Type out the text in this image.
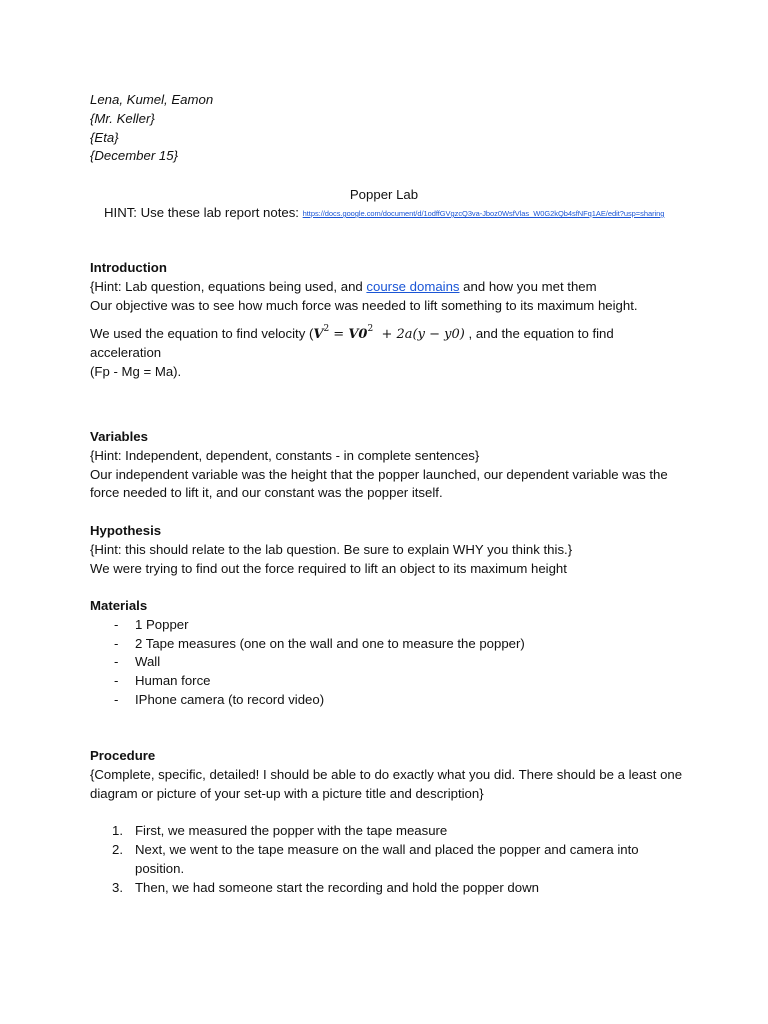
Lena, Kumel, Eamon
{Mr. Keller}
{Eta}
{December 15}
Popper Lab
HINT: Use these lab report notes: https://docs.google.com/document/d/1odffGVgzcQ3va-Jboz0WsfVlas_W0G2kQb4sfNFq1AE/edit?usp=sharing
Introduction

{Hint: Lab question, equations being used, and course domains and how you met them

Our objective was to see how much force was needed to lift something to its maximum height.

We used the equation to find velocity ($V^2 = V0^2 + 2a(y - y0)$ , and the equation to find

acceleration

(Fp - Mg = Ma).

Variables

{Hint: Independent, dependent, constants - in complete sentences}

Our independent variable was the height that the popper launched, our dependent variable was the force needed to lift it, and our constant was the popper itself.

Hypothesis

{Hint: this should relate to the lab question. Be sure to explain WHY you think this.}

We were trying to find out the force required to lift an object to its maximum height

Materials
- 1 Popper
- 2 Tape measures (one on the wall and one to measure the popper)
- Wall
- Human force
- IPhone camera (to record video)
Procedure

{Complete, specific, detailed! I should be able to do exactly what you did. There should be a least one diagram or picture of your set-up with a picture title and description}

1. First, we measured the popper with the tape measure
2. Next, we went to the tape measure on the wall and placed the popper and camera into position.
3. Then, we had someone start the recording and hold the popper down
